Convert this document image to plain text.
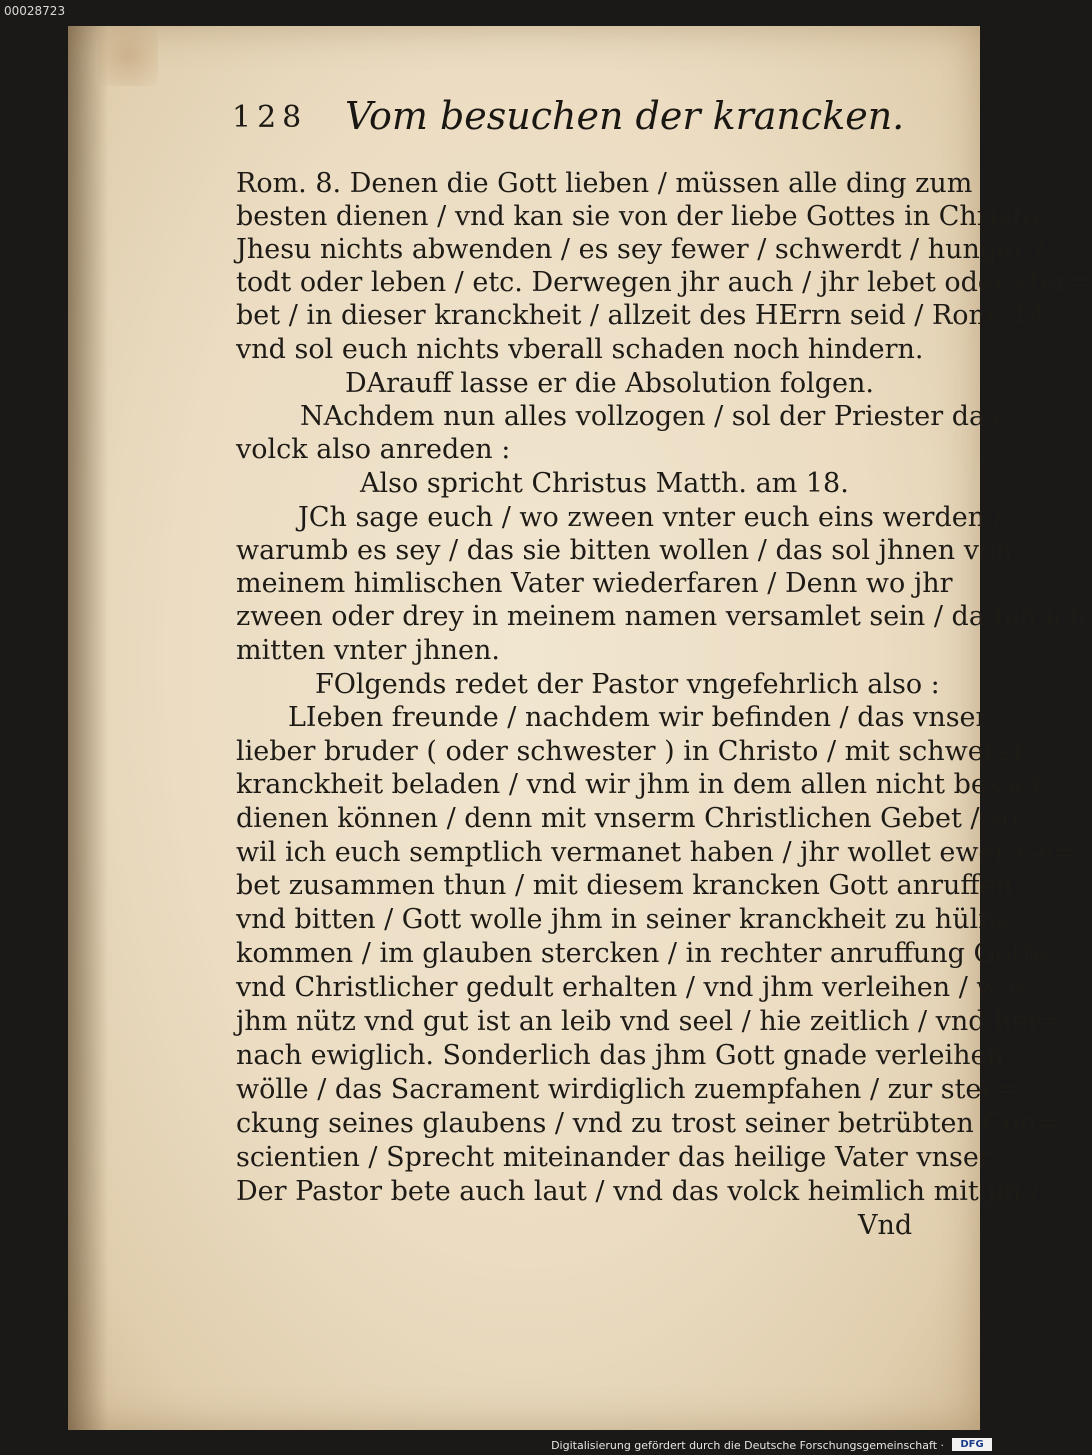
00028723
128 Vom besuchen der krancken.
Rom. 8. Denen die Gott lieben / müssen alle ding zum
besten dienen / vnd kan sie von der liebe Gottes in Christo
Jhesu nichts abwenden / es sey fewer / schwerdt / hunger /
todt oder leben / etc. Derwegen jhr auch / jhr lebet oder ster=
bet / in dieser kranckheit / allzeit des HErrn seid / Rom. 14.
vnd sol euch nichts vberall schaden noch hindern.
DArauff lasse er die Absolution folgen.
NAchdem nun alles vollzogen / sol der Priester das
volck also anreden :
Also spricht Christus Matth. am 18.
JCh sage euch / wo zween vnter euch eins werden /
warumb es sey / das sie bitten wollen / das sol jhnen von
meinem himlischen Vater wiederfaren / Denn wo jhr
zween oder drey in meinem namen versamlet sein / da bin ich
mitten vnter jhnen.
FOlgends redet der Pastor vngefehrlich also :
LIeben freunde / nachdem wir befinden / das vnser
lieber bruder ( oder schwester ) in Christo / mit schwerer
kranckheit beladen / vnd wir jhm in dem allen nicht besser
dienen können / denn mit vnserm Christlichen Gebet / so
wil ich euch semptlich vermanet haben / jhr wollet ewer Ge=
bet zusammen thun / mit diesem krancken Gott anruffen
vnd bitten / Gott wolle jhm in seiner kranckheit zu hülffe
kommen / im glauben stercken / in rechter anruffung Gottes
vnd Christlicher gedult erhalten / vnd jhm verleihen / was
jhm nütz vnd gut ist an leib vnd seel / hie zeitlich / vnd her=
nach ewiglich. Sonderlich das jhm Gott gnade verleihen
wölle / das Sacrament wirdiglich zuempfahen / zur ster=
ckung seines glaubens / vnd zu trost seiner betrübten Con=
scientien / Sprecht miteinander das heilige Vater vnser.
Der Pastor bete auch laut / vnd das volck heimlich mit jm /
Vnd
Digitalisierung gefördert durch die Deutsche Forschungsgemeinschaft ·	DFG
